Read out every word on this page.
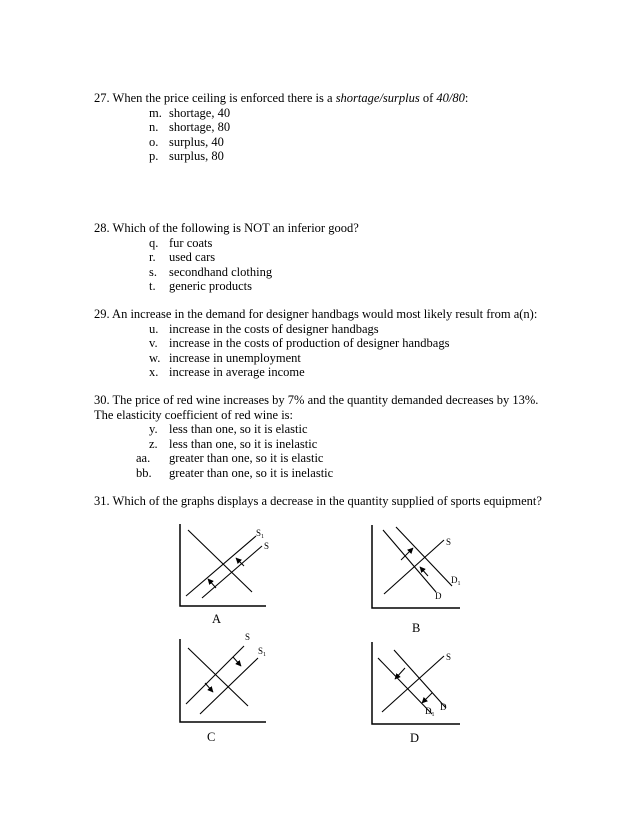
27. When the price ceiling is enforced there is a shortage/surplus of 40/80:
m. shortage, 40
n. shortage, 80
o. surplus, 40
p. surplus, 80
28. Which of the following is NOT an inferior good?
q. fur coats
r.	used cars
s. secondhand clothing
t.	generic products
29. An increase in the demand for designer handbags would most likely result from a(n):
u. increase in the costs of designer handbags
v. increase in the costs of production of designer handbags
w. increase in unemployment
x. increase in average income
30. The price of red wine increases by 7% and the quantity demanded decreases by 13%.
The elasticity coefficient of red wine is:
y. less than one, so it is elastic
z. less than one, so it is inelastic
aa.	greater than one, so it is elastic
bb.	greater than one, so it is inelastic
31. Which of the graphs displays a decrease in the quantity supplied of sports equipment?
$S_1$
S
A
S
$D_1$
D
B
S
$S_1$
C
S
D
$D_1$
D
